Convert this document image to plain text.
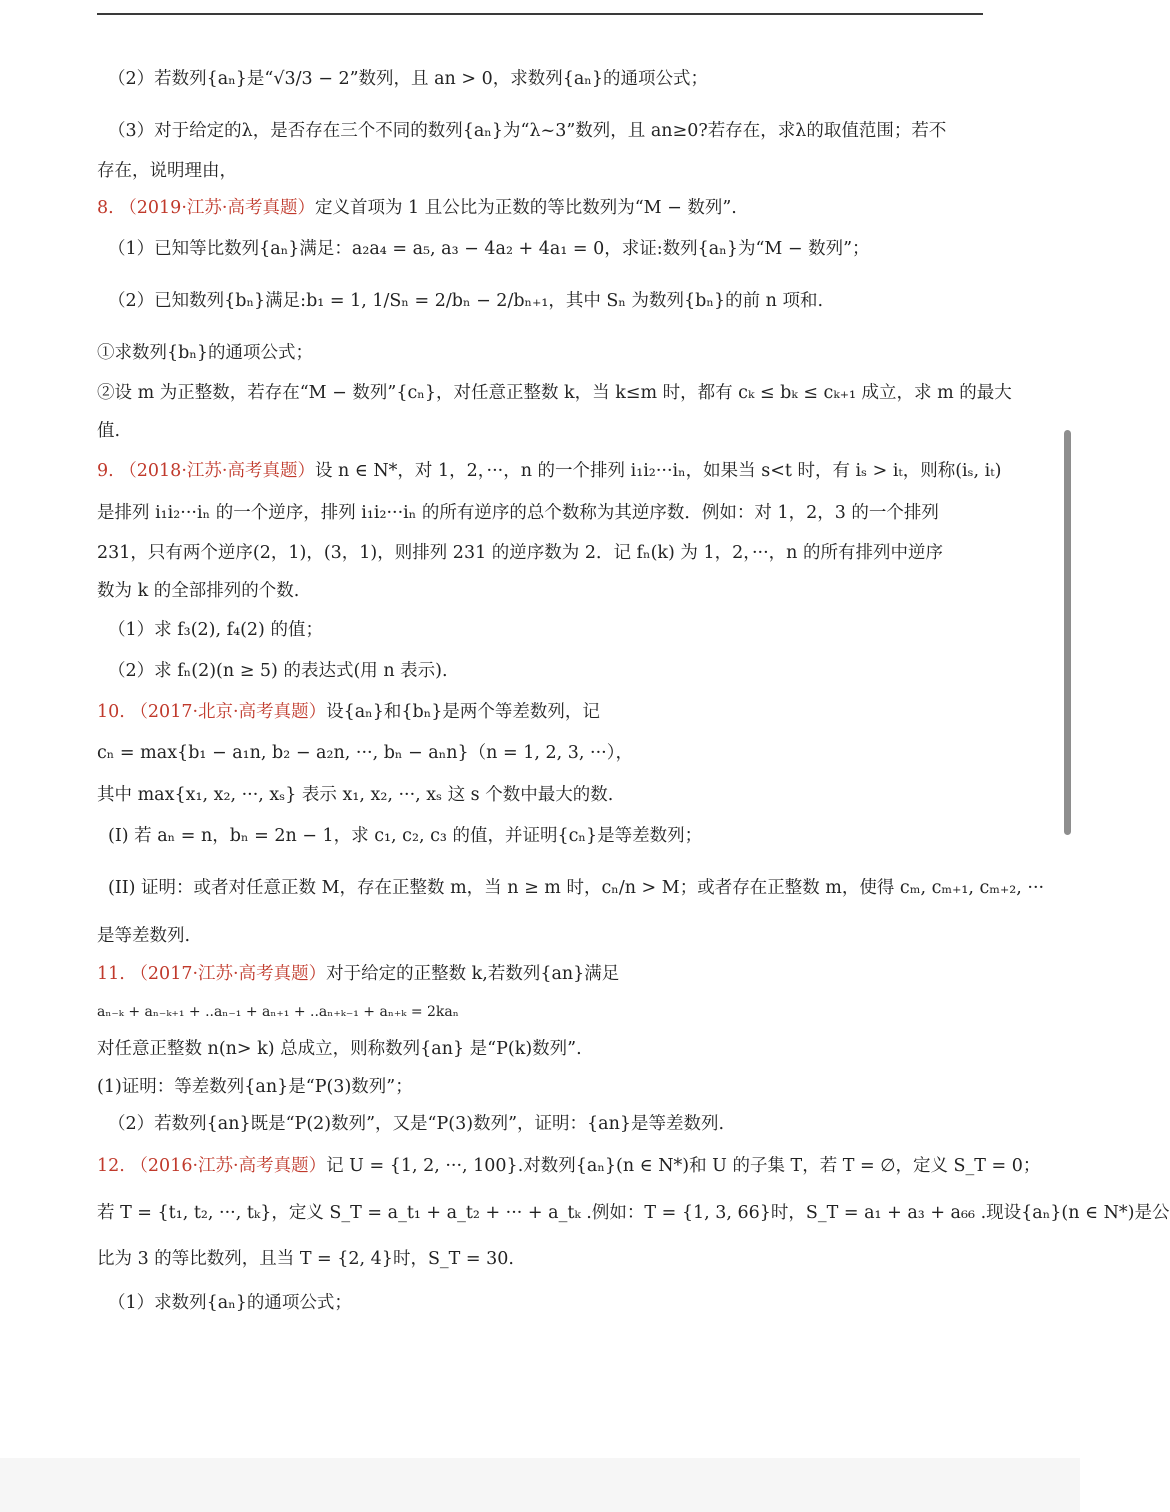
（2）若数列{aₙ}是“√3/3 − 2”数列，且 an > 0，求数列{aₙ}的通项公式；
（3）对于给定的λ，是否存在三个不同的数列{aₙ}为“λ~3”数列，且 an≥0?若存在，求λ的取值范围；若不
存在，说明理由，
8. （2019·江苏·高考真题）定义首项为 1 且公比为正数的等比数列为“M − 数列”.
（1）已知等比数列{aₙ}满足：a₂a₄ = a₅, a₃ − 4a₂ + 4a₁ = 0，求证:数列{aₙ}为“M − 数列”；
（2）已知数列{bₙ}满足:b₁ = 1, 1/Sₙ = 2/bₙ − 2/bₙ₊₁，其中 Sₙ 为数列{bₙ}的前 n 项和.
①求数列{bₙ}的通项公式；
②设 m 为正整数，若存在“M − 数列”{cₙ}，对任意正整数 k，当 k≤m 时，都有 cₖ ≤ bₖ ≤ cₖ₊₁ 成立，求 m 的最大
值.
9. （2018·江苏·高考真题）设 n ∈ N*，对 1，2，···，n 的一个排列 i₁i₂···iₙ，如果当 s<t 时，有 iₛ > iₜ，则称(iₛ, iₜ)
是排列 i₁i₂···iₙ 的一个逆序，排列 i₁i₂···iₙ 的所有逆序的总个数称为其逆序数．例如：对 1，2，3 的一个排列
231，只有两个逆序(2，1)，(3，1)，则排列 231 的逆序数为 2．记 fₙ(k) 为 1，2，···，n 的所有排列中逆序
数为 k 的全部排列的个数.
（1）求 f₃(2), f₄(2) 的值；
（2）求 fₙ(2)(n ≥ 5) 的表达式(用 n 表示).
10. （2017·北京·高考真题）设{aₙ}和{bₙ}是两个等差数列，记
cₙ = max{b₁ − a₁n, b₂ − a₂n, ···, bₙ − aₙn}（n = 1, 2, 3, ···），
其中 max{x₁, x₂, ···, xₛ} 表示 x₁, x₂, ···, xₛ 这 s 个数中最大的数.
(I) 若 aₙ = n，bₙ = 2n − 1，求 c₁, c₂, c₃ 的值，并证明{cₙ}是等差数列；
(II) 证明：或者对任意正数 M，存在正整数 m，当 n ≥ m 时，cₙ/n > M；或者存在正整数 m，使得 cₘ, cₘ₊₁, cₘ₊₂, ···
是等差数列.
11. （2017·江苏·高考真题）对于给定的正整数 k,若数列{an}满足
aₙ₋ₖ + aₙ₋ₖ₊₁ + ..aₙ₋₁ + aₙ₊₁ + ..aₙ₊ₖ₋₁ + aₙ₊ₖ = 2kaₙ
对任意正整数 n(n> k) 总成立，则称数列{an} 是“P(k)数列”.
(1)证明：等差数列{an}是“P(3)数列”；
（2）若数列{an}既是“P(2)数列”，又是“P(3)数列”，证明：{an}是等差数列.
12. （2016·江苏·高考真题）记 U = {1, 2, ···, 100}.对数列{aₙ}(n ∈ N*)和 U 的子集 T，若 T = ∅，定义 S_T = 0；
若 T = {t₁, t₂, ···, tₖ}，定义 S_T = a_t₁ + a_t₂ + ··· + a_tₖ .例如：T = {1, 3, 66}时，S_T = a₁ + a₃ + a₆₆ .现设{aₙ}(n ∈ N*)是公
比为 3 的等比数列，且当 T = {2, 4}时，S_T = 30.
（1）求数列{aₙ}的通项公式；
